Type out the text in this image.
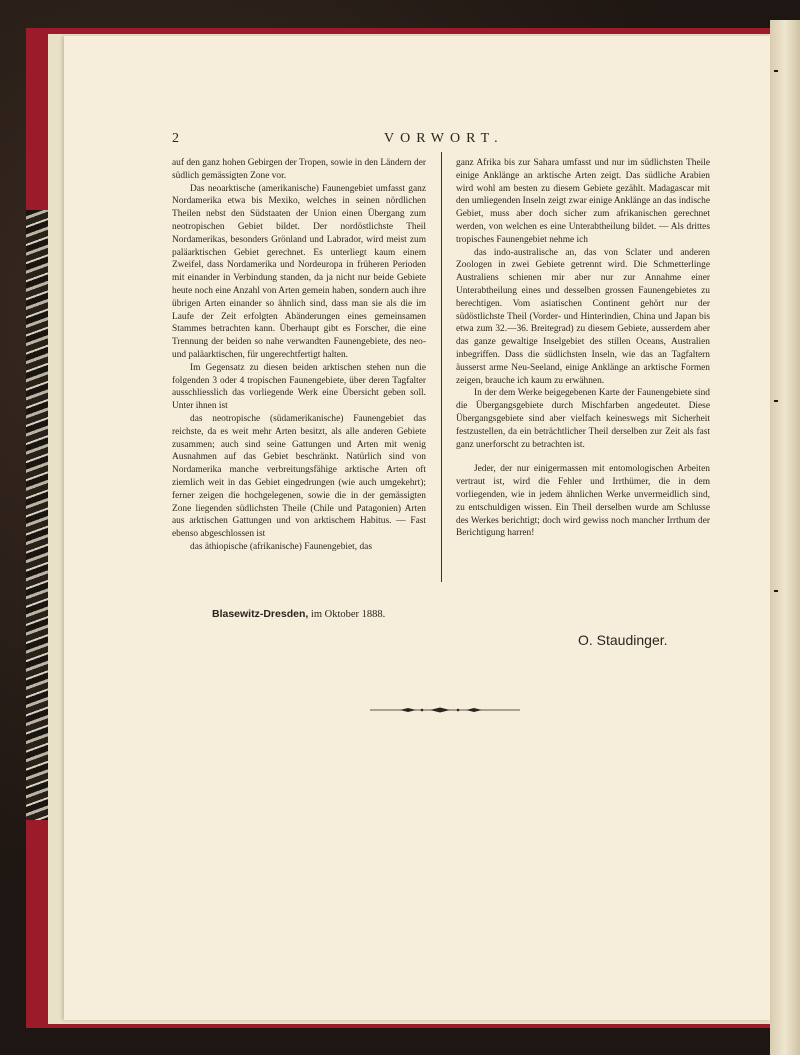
2	VORWORT.

auf den ganz hohen Gebirgen der Tropen, sowie in den Ländern der südlich gemässigten Zone vor.

Das neoarktische (amerikanische) Faunengebiet umfasst ganz Nordamerika etwa bis Mexiko, welches in seinen nördlichen Theilen nebst den Südstaaten der Union einen Übergang zum neotropischen Gebiet bildet. Der nordöstlichste Theil Nordamerikas, besonders Grönland und Labrador, wird meist zum paläarktischen Gebiet gerechnet. Es unterliegt kaum einem Zweifel, dass Nordamerika und Nordeuropa in früheren Perioden mit einander in Verbindung standen, da ja nicht nur beide Gebiete heute noch eine Anzahl von Arten gemein haben, sondern auch ihre übrigen Arten einander so ähnlich sind, dass man sie als die im Laufe der Zeit erfolgten Abänderungen eines gemeinsamen Stammes betrachten kann. Überhaupt gibt es Forscher, die eine Trennung der beiden so nahe verwandten Faunengebiete, des neo- und paläarktischen, für ungerechtfertigt halten.

Im Gegensatz zu diesen beiden arktischen stehen nun die folgenden 3 oder 4 tropischen Faunengebiete, über deren Tagfalter ausschliesslich das vorliegende Werk eine Übersicht geben soll. Unter ihnen ist

das neotropische (südamerikanische) Faunengebiet das reichste, da es weit mehr Arten besitzt, als alle anderen Gebiete zusammen; auch sind seine Gattungen und Arten mit wenig Ausnahmen auf das Gebiet beschränkt. Natürlich sind von Nordamerika manche verbreitungsfähige arktische Arten oft ziemlich weit in das Gebiet eingedrungen (wie auch umgekehrt); ferner zeigen die hochgelegenen, sowie die in der gemässigten Zone liegenden südlichsten Theile (Chile und Patagonien) Arten aus arktischen Gattungen und von arktischem Habitus. — Fast ebenso abgeschlossen ist

das äthiopische (afrikanische) Faunengebiet, das

ganz Afrika bis zur Sahara umfasst und nur im südlichsten Theile einige Anklänge an arktische Arten zeigt. Das südliche Arabien wird wohl am besten zu diesem Gebiete gezählt. Madagascar mit den umliegenden Inseln zeigt zwar einige Anklänge an das indische Gebiet, muss aber doch sicher zum afrikanischen gerechnet werden, von welchen es eine Unterabtheilung bildet. — Als drittes tropisches Faunengebiet nehme ich

das indo-australische an, das von Sclater und anderen Zoologen in zwei Gebiete getrennt wird. Die Schmetterlinge Australiens schienen mir aber nur zur Annahme einer Unterabtheilung eines und desselben grossen Faunengebietes zu berechtigen. Vom asiatischen Continent gehört nur der südöstlichste Theil (Vorder- und Hinterindien, China und Japan bis etwa zum 32.—36. Breitegrad) zu diesem Gebiete, ausserdem aber das ganze gewaltige Inselgebiet des stillen Oceans, Australien inbegriffen. Dass die südlichsten Inseln, wie das an Tagfaltern äusserst arme Neu-Seeland, einige Anklänge an arktische Formen zeigen, brauche ich kaum zu erwähnen.

In der dem Werke beigegebenen Karte der Faunengebiete sind die Übergangsgebiete durch Mischfarben angedeutet. Diese Übergangsgebiete sind aber vielfach keineswegs mit Sicherheit festzustellen, da ein beträchtlicher Theil derselben zur Zeit als fast ganz unerforscht zu betrachten ist.

Jeder, der nur einigermassen mit entomologischen Arbeiten vertraut ist, wird die Fehler und Irrthümer, die in dem vorliegenden, wie in jedem ähnlichen Werke unvermeidlich sind, zu entschuldigen wissen. Ein Theil derselben wurde am Schlusse des Werkes berichtigt; doch wird gewiss noch mancher Irrthum der Berichtigung harren!

Blasewitz-Dresden, im Oktober 1888.
O. Staudinger.
